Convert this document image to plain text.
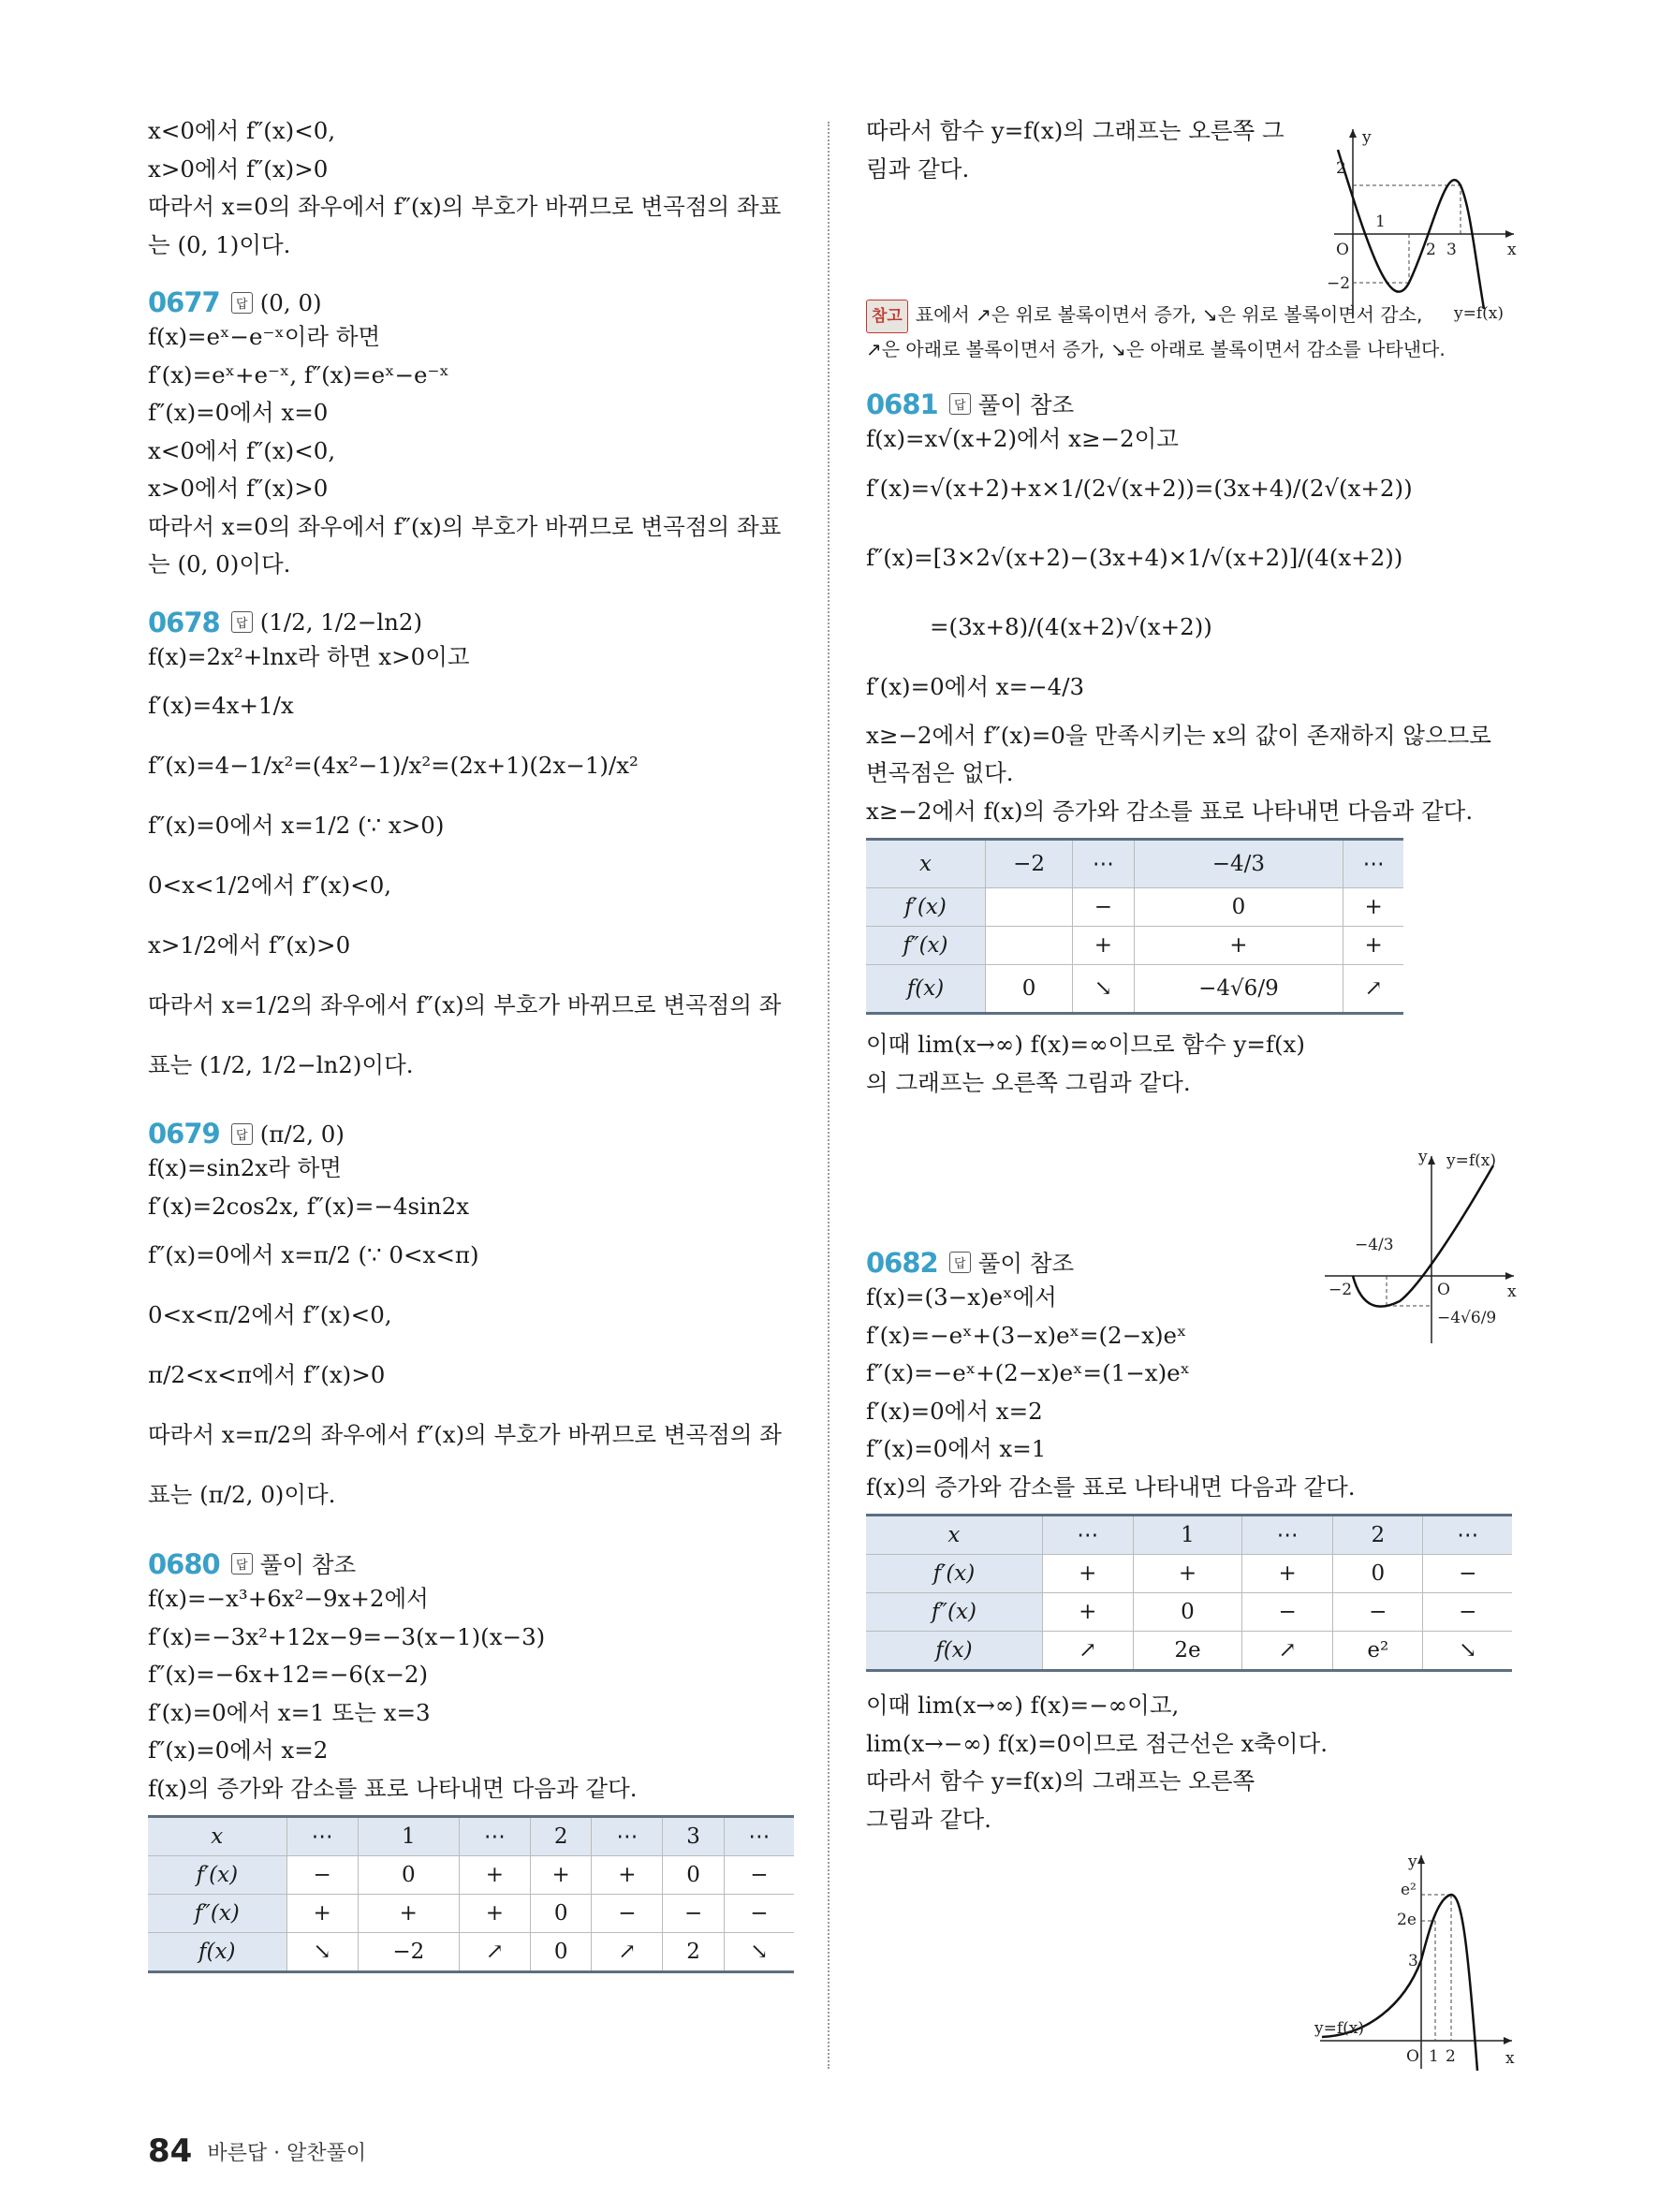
x<0에서 f″(x)<0,
x>0에서 f″(x)>0
따라서 x=0의 좌우에서 f″(x)의 부호가 바뀌므로 변곡점의 좌표
는 (0, 1)이다.
0677	답 (0, 0)
f(x)=eˣ−e⁻ˣ이라 하면
f′(x)=eˣ+e⁻ˣ, f″(x)=eˣ−e⁻ˣ
f″(x)=0에서 x=0
x<0에서 f″(x)<0,
x>0에서 f″(x)>0
따라서 x=0의 좌우에서 f″(x)의 부호가 바뀌므로 변곡점의 좌표
는 (0, 0)이다.
0678	답 (1/2, 1/2−ln2)
f(x)=2x²+lnx라 하면 x>0이고
f′(x)=4x+1/x
f″(x)=4−1/x²=(4x²−1)/x²=(2x+1)(2x−1)/x²
f″(x)=0에서 x=1/2 (∵ x>0)
0<x<1/2에서 f″(x)<0,
x>1/2에서 f″(x)>0
따라서 x=1/2의 좌우에서 f″(x)의 부호가 바뀌므로 변곡점의 좌
표는 (1/2, 1/2−ln2)이다.
0679	답 (π/2, 0)
f(x)=sin2x라 하면
f′(x)=2cos2x, f″(x)=−4sin2x
f″(x)=0에서 x=π/2 (∵ 0<x<π)
0<x<π/2에서 f″(x)<0,
π/2<x<π에서 f″(x)>0
따라서 x=π/2의 좌우에서 f″(x)의 부호가 바뀌므로 변곡점의 좌
표는 (π/2, 0)이다.
0680	답 풀이 참조
f(x)=−x³+6x²−9x+2에서
f′(x)=−3x²+12x−9=−3(x−1)(x−3)
f″(x)=−6x+12=−6(x−2)
f′(x)=0에서 x=1 또는 x=3
f″(x)=0에서 x=2
f(x)의 증가와 감소를 표로 나타내면 다음과 같다.
x	⋯	1	⋯	2	⋯	3	⋯
f′(x)	−	0	+	+	+	0	−
f″(x)	+	+	+	0	−	−	−
f(x)	↘	−2	↗	0	↗	2	↘
따라서 함수 y=f(x)의 그래프는 오른쪽 그
림과 같다.
참고 표에서 ↗은 위로 볼록이면서 증가, ↘은 위로 볼록이면서 감소,
↗은 아래로 볼록이면서 증가, ↘은 아래로 볼록이면서 감소를 나타낸다.
0681	답 풀이 참조
f(x)=x√(x+2)에서 x≥−2이고
f′(x)=√(x+2)+x×1/(2√(x+2))=(3x+4)/(2√(x+2))
f″(x)=[3×2√(x+2)−(3x+4)×1/√(x+2)]/(4(x+2))
=(3x+8)/(4(x+2)√(x+2))
f′(x)=0에서 x=−4/3
x≥−2에서 f″(x)=0을 만족시키는 x의 값이 존재하지 않으므로
변곡점은 없다.
x≥−2에서 f(x)의 증가와 감소를 표로 나타내면 다음과 같다.
x	−2	⋯	−4/3	⋯
f′(x)		−	0	+
f″(x)		+	+	+
f(x)	0	↘	−4√6/9	↗
이때 lim(x→∞) f(x)=∞이므로 함수 y=f(x)
의 그래프는 오른쪽 그림과 같다.
0682	답 풀이 참조
f(x)=(3−x)eˣ에서
f′(x)=−eˣ+(3−x)eˣ=(2−x)eˣ
f″(x)=−eˣ+(2−x)eˣ=(1−x)eˣ
f′(x)=0에서 x=2
f″(x)=0에서 x=1
f(x)의 증가와 감소를 표로 나타내면 다음과 같다.
x	⋯	1	⋯	2	⋯
f′(x)	+	+	+	0	−
f″(x)	+	0	−	−	−
f(x)	↗	2e	↗	e²	↘
이때 lim(x→∞) f(x)=−∞이고,
lim(x→−∞) f(x)=0이므로 점근선은 x축이다.
따라서 함수 y=f(x)의 그래프는 오른쪽
그림과 같다.
y
x
O
1
2 3
2
−2
y=f(x)
y y=f(x)
x
O
−2
−4/3
−4√6/9
y
x
O 1 2
e²
2e
3
y=f(x)
84 바른답 · 알찬풀이
